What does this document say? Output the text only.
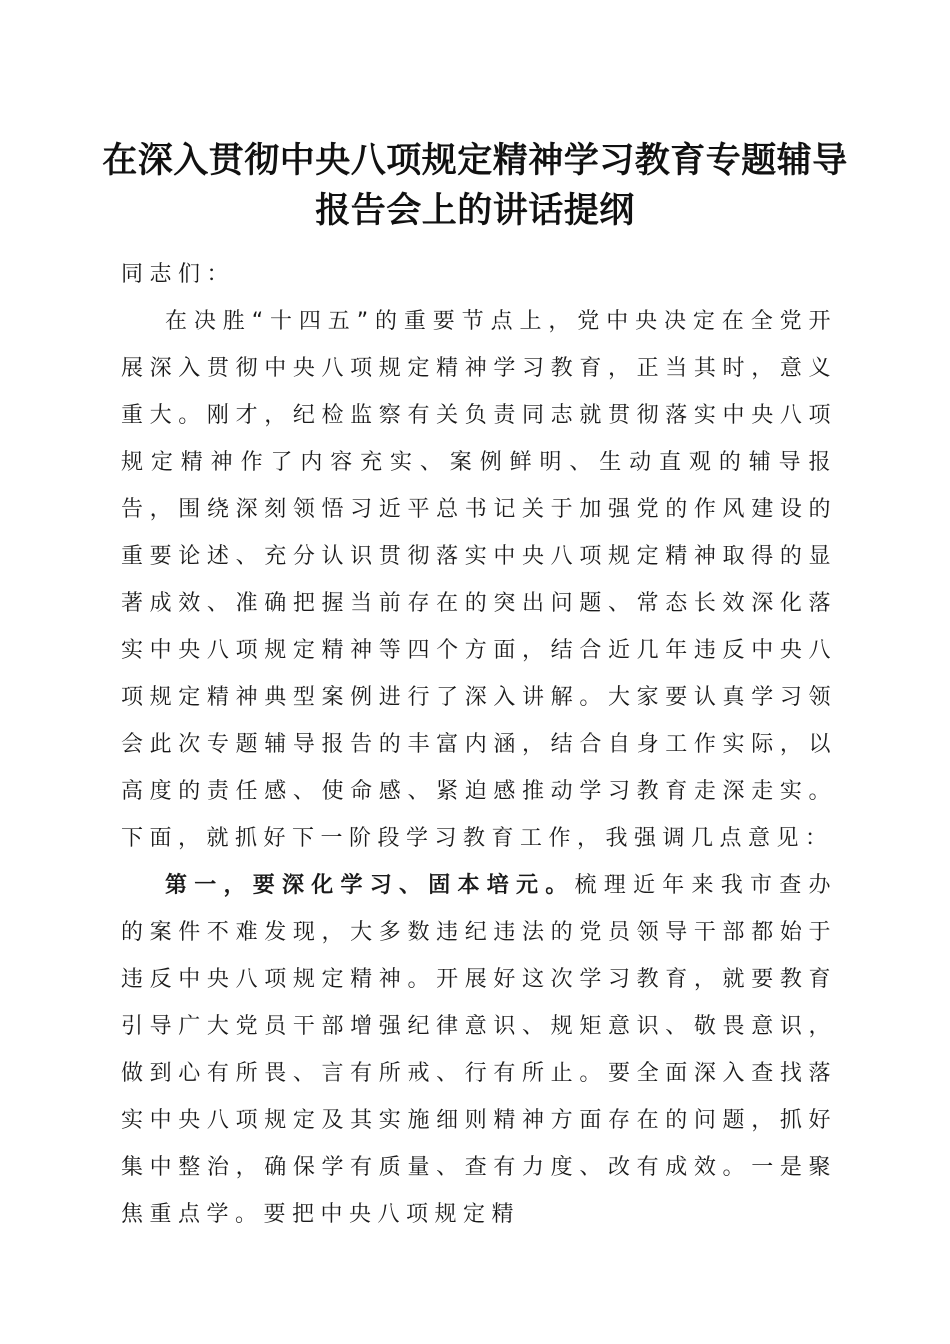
在深入贯彻中央八项规定精神学习教育专题辅导报告会上的讲话提纲

同志们：

在决胜“十四五”的重要节点上，党中央决定在全党开展深入贯彻中央八项规定精神学习教育，正当其时，意义重大。刚才，纪检监察有关负责同志就贯彻落实中央八项规定精神作了内容充实、案例鲜明、生动直观的辅导报告，围绕深刻领悟习近平总书记关于加强党的作风建设的重要论述、充分认识贯彻落实中央八项规定精神取得的显著成效、准确把握当前存在的突出问题、常态长效深化落实中央八项规定精神等四个方面，结合近几年违反中央八项规定精神典型案例进行了深入讲解。大家要认真学习领会此次专题辅导报告的丰富内涵，结合自身工作实际，以高度的责任感、使命感、紧迫感推动学习教育走深走实。下面，就抓好下一阶段学习教育工作，我强调几点意见：

第一，要深化学习、固本培元。梳理近年来我市查办的案件不难发现，大多数违纪违法的党员领导干部都始于违反中央八项规定精神。开展好这次学习教育，就要教育引导广大党员干部增强纪律意识、规矩意识、敬畏意识，做到心有所畏、言有所戒、行有所止。要全面深入查找落实中央八项规定及其实施细则精神方面存在的问题，抓好集中整治，确保学有质量、查有力度、改有成效。一是聚焦重点学。要把中央八项规定精
